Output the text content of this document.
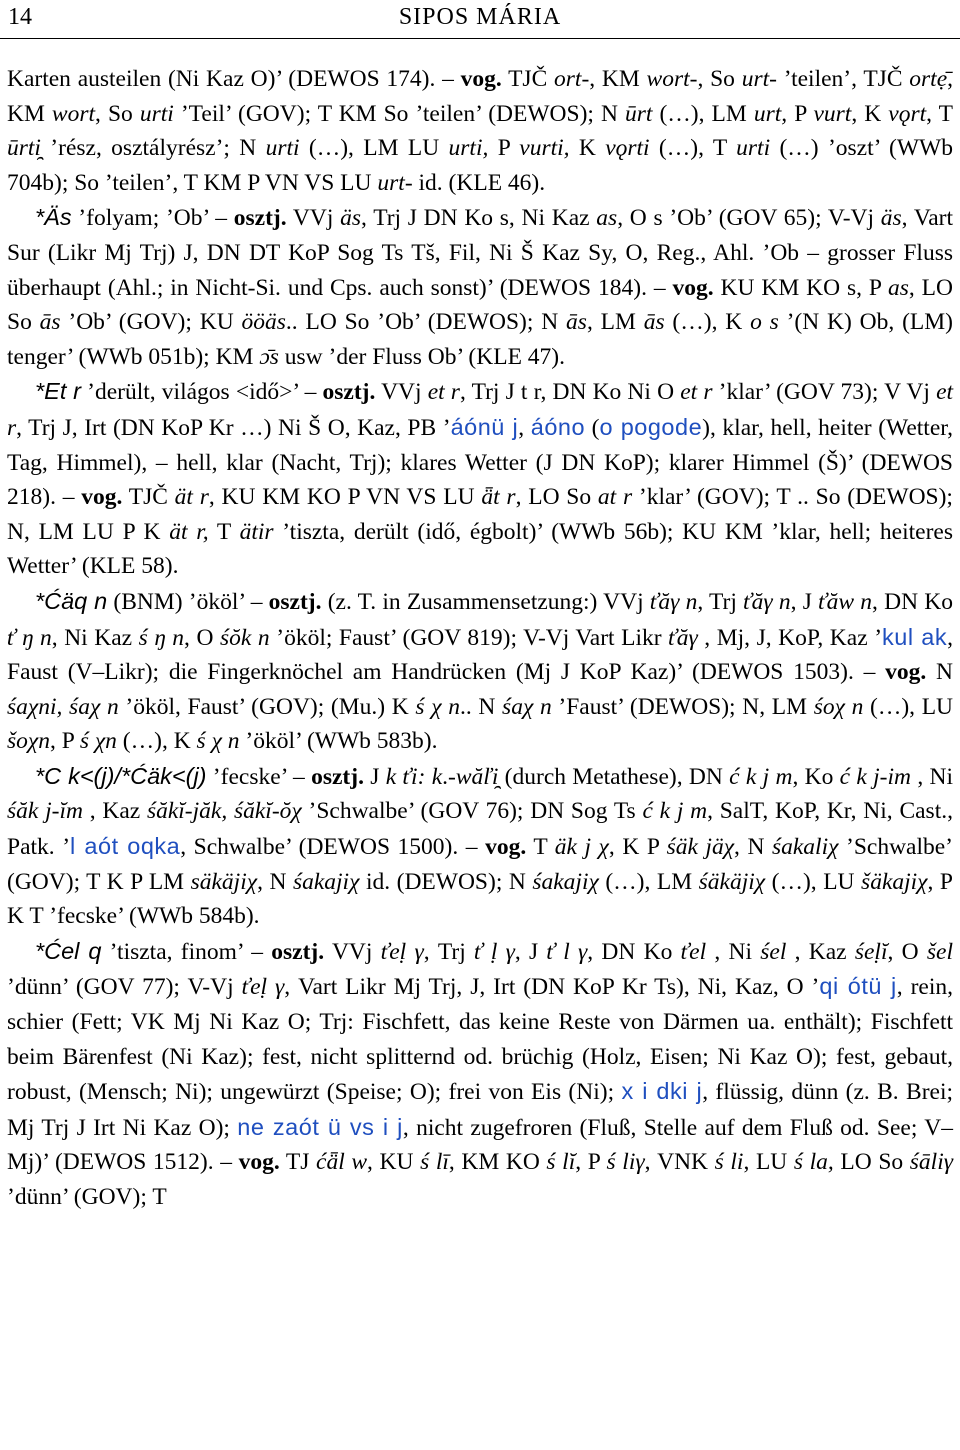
14	SIPOS MÁRIA

Karten austeilen (Ni Kaz O)’ (DEWOS 174). – vog. TJČ ort-, KM wort-, So urt- ’teilen’, TJČ ortẹ̄, KM wort, So urti ’Teil’ (GOV); T KM So ’teilen’ (DEWOS); N ūrt (…), LM urt, P vurt, K vǫrt, T ūrti̯ ’rész, osztályrész’; N urti (…), LM LU urti, P vurti, K vǫrti (…), T urti (…) ’oszt’ (WWb 704b); So ’teilen’, T KM P VN VS LU urt- id. (KLE 46).

*Äs ’folyam; ’Ob’ – osztj. VVj äs, Trj J DN Ko s, Ni Kaz as, O s ’Ob’ (GOV 65); V-Vj äs, Vart Sur (Likr Mj Trj) J, DN DT KoP Sog Ts Tš, Fil, Ni Š Kaz Sy, O, Reg., Ahl. ’Ob – grosser Fluss überhaupt (Ahl.; in Nicht-Si. und Cps. auch sonst)’ (DEWOS 184). – vog. KU KM KO s, P as, LO So ās ’Ob’ (GOV); KU ööäs.. LO So ’Ob’ (DEWOS); N ās, LM ās (…), K o s ’(N K) Ob, (LM) tenger’ (WWb 051b); KM ɔ̄s usw ’der Fluss Ob’ (KLE 47).

*Et r ’derült, világos <idő>’ – osztj. VVj et r, Trj J t r, DN Ko Ni O et r ’klar’ (GOV 73); V Vj et r, Trj J, Irt (DN KoP Kr …) Ni Š O, Kaz, PB ’áónü j, áóno (o pogode), klar, hell, heiter (Wetter, Tag, Himmel), – hell, klar (Nacht, Trj); klares Wetter (J DN KoP); klarer Himmel (Š)’ (DEWOS 218). – vog. TJČ ät r, KU KM KO P VN VS LU ǟt r, LO So at r ’klar’ (GOV); T .. So (DEWOS); N, LM LU P K ät r, T ätir ’tiszta, derült (idő, égbolt)’ (WWb 56b); KU KM ’klar, hell; heiteres Wetter’ (KLE 58).

*Ćäq n (BNM) ’ököl’ – osztj. (z. T. in Zusammensetzung:) VVj ťăγ n, Trj ťăγ n, J ťăw n, DN Ko ť ŋ n, Ni Kaz ś ŋ n, O śŏk n ’ököl; Faust’ (GOV 819); V-Vj Vart Likr ťăγ , Mj, J, KoP, Kaz ’kul ak, Faust (V–Likr); die Fingerknöchel am Handrücken (Mj J KoP Kaz)’ (DEWOS 1503). – vog. N śaχni, śaχ n ’ököl, Faust’ (GOV); (Mu.) K ś χ n.. N śaχ n ’Faust’ (DEWOS); N, LM śoχ n (…), LU šoχn, P ś χn (…), K ś χ n ’ököl’ (WWb 583b).

*C k<(j)/*Ćäk<(j) ’fecske’ – osztj. J k ťi: k.-wăľi̯ (durch Metathese), DN ć k j m, Ko ć k j-im , Ni śăk j-ĭm , Kaz śăkĭ-jăk, śăkĭ-ŏχ ’Schwalbe’ (GOV 76); DN Sog Ts ć k j m, SalT, KoP, Kr, Ni, Cast., Patk. ’l aót oqka, Schwalbe’ (DEWOS 1500). – vog. T äk j χ, K P śäk jäχ, N śakaliχ ’Schwalbe’ (GOV); T K P LM säkäjiχ, N śakajiχ id. (DEWOS); N śakajiχ (…), LM śäkäjiχ (…), LU šäkajiχ, P K T ’fecske’ (WWb 584b).

*Ćel q ’tiszta, finom’ – osztj. VVj ťeḷ γ, Trj ť ḷ γ, J ť l γ, DN Ko ťel , Ni śel , Kaz śeḷĭ, O šel ’dünn’ (GOV 77); V-Vj ťeḷ γ, Vart Likr Mj Trj, J, Irt (DN KoP Kr Ts), Ni, Kaz, O ’qi ótü j, rein, schier (Fett; VK Mj Ni Kaz O; Trj: Fischfett, das keine Reste von Därmen ua. enthält); Fischfett beim Bärenfest (Ni Kaz); fest, nicht splitternd od. brüchig (Holz, Eisen; Ni Kaz O); fest, gebaut, robust, (Mensch; Ni); ungewürzt (Speise; O); frei von Eis (Ni); x i dki j, flüssig, dünn (z. B. Brei; Mj Trj J Irt Ni Kaz O); ne zaót ü vs i j, nicht zugefroren (Fluß, Stelle auf dem Fluß od. See; V–Mj)’ (DEWOS 1512). – vog. TJ ćǟl w, KU ś lī, KM KO ś lĭ, P ś liγ, VNK ś li, LU ś la, LO So śāliγ ’dünn’ (GOV); T
